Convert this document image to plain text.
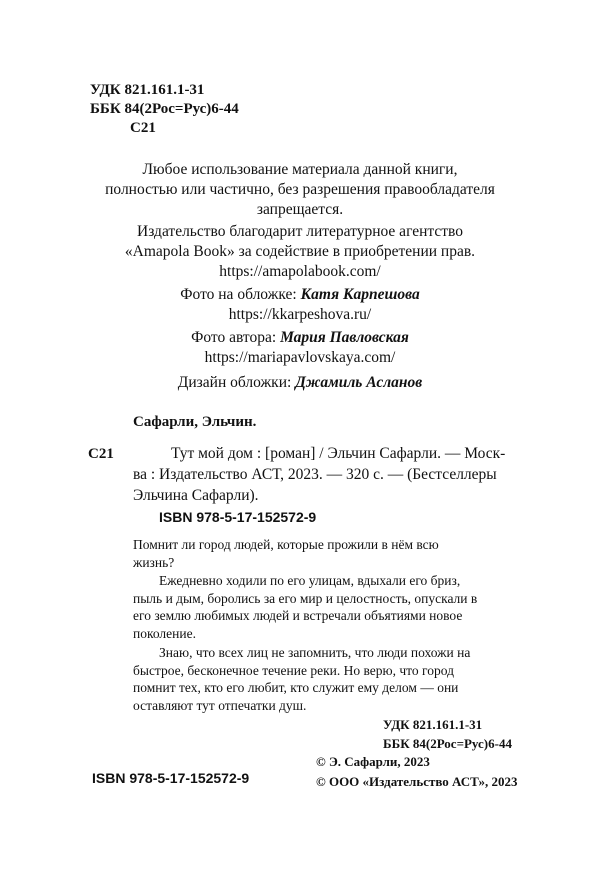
УДК 821.161.1-31
ББК 84(2Рос=Рус)6-44
С21
Любое использование материала данной книги,
полностью или частично, без разрешения правообладателя
запрещается.
Издательство благодарит литературное агентство
«Amapola Book» за содействие в приобретении прав.
https://amapolabook.com/
Фото на обложке: Катя Карпешова
https://kkarpeshova.ru/
Фото автора: Мария Павловская
https://mariapavlovskaya.com/
Дизайн обложки: Джамиль Асланов
Сафарли, Эльчин.
С21	Тут мой дом : [роман] / Эльчин Сафарли. — Моск-
ва : Издательство АСТ, 2023. — 320 с. — (Бестселлеры
Эльчина Сафарли).
ISBN 978-5-17-152572-9
Помнит ли город людей, которые прожили в нём всю
жизнь?
Ежедневно ходили по его улицам, вдыхали его бриз,
пыль и дым, боролись за его мир и целостность, опускали в
его землю любимых людей и встречали объятиями новое
поколение.
Знаю, что всех лиц не запомнить, что люди похожи на
быстрое, бесконечное течение реки. Но верю, что город
помнит тех, кто его любит, кто служит ему делом — они
оставляют тут отпечатки душ.
УДК 821.161.1-31
ББК 84(2Рос=Рус)6-44
ISBN 978-5-17-152572-9
© Э. Сафарли, 2023
© ООО «Издательство АСТ», 2023
